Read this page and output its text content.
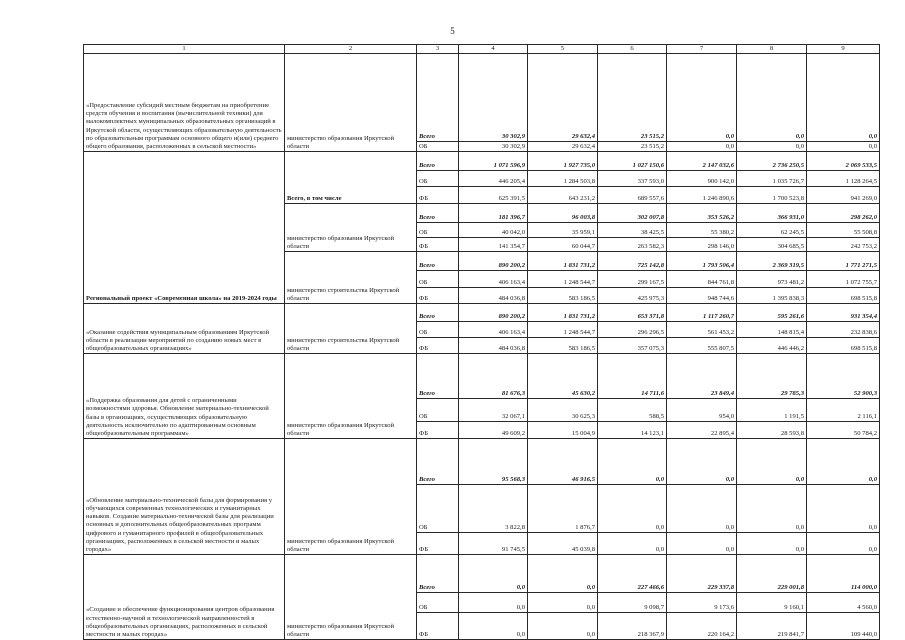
5
1	2	3	4	5	6	7	8	9
«Предоставление субсидий местным бюджетам на приобретение средств обучения и воспитания (вычислительной техники) для малокомплектных муниципальных образовательных организаций в Иркутской области, осуществляющих образовательную деятельность по образовательным программам основного общего и(или) среднего общего образования, расположенных в сельской местности»	министерство образования Иркутской области	Всего	30 302,9	29 632,4	23 515,2	0,0	0,0	0,0
		ОБ	30 302,9	29 632,4	23 515,2	0,0	0,0	0,0
Региональный проект «Современная школа» на 2019-2024 годы	Всего, в том числе	Всего	1 071 596,9	1 927 735,0	1 027 150,6	2 147 032,6	2 736 250,5	2 069 533,5
		ОБ	446 205,4	1 284 503,8	337 593,0	900 142,0	1 035 726,7	1 128 264,5
		ФБ	625 391,5	643 231,2	689 557,6	1 246 890,6	1 700 523,8	941 269,0
	министерство образования Иркутской области	Всего	181 396,7	96 003,8	302 007,8	353 526,2	366 931,0	298 262,0
		ОБ	40 042,0	35 959,1	38 425,5	55 380,2	62 245,5	55 508,8
		ФБ	141 354,7	60 044,7	263 582,3	298 146,0	304 685,5	242 753,2
	министерство строительства Иркутской области	Всего	890 200,2	1 831 731,2	725 142,8	1 793 506,4	2 369 319,5	1 771 271,5
		ОБ	406 163,4	1 248 544,7	299 167,5	844 761,8	973 481,2	1 072 755,7
		ФБ	484 036,8	583 186,5	425 975,3	948 744,6	1 395 838,3	698 515,8
«Оказание содействия муниципальным образованиям Иркутской области в реализации мероприятий по созданию новых мест в общеобразовательных организациях»	министерство строительства Иркутской области	Всего	890 200,2	1 831 731,2	653 371,8	1 117 260,7	595 261,6	931 354,4
		ОБ	406 163,4	1 248 544,7	296 296,5	561 453,2	148 815,4	232 838,6
		ФБ	484 036,8	583 186,5	357 075,3	555 807,5	446 446,2	698 515,8
«Поддержка образования для детей с ограниченными возможностями здоровья. Обновление материально-технической базы в организациях, осуществляющих образовательную деятельность исключительно по адаптированным основным общеобразовательным программам»	министерство образования Иркутской области	Всего	81 676,3	45 630,2	14 711,6	23 849,4	29 785,3	52 900,3
		ОБ	32 067,1	30 625,3	588,5	954,0	1 191,5	2 116,1
		ФБ	49 609,2	15 004,9	14 123,1	22 895,4	28 593,8	50 784,2
«Обновление материально-технической базы для формирования у обучающихся современных технологических и гуманитарных навыков. Создание материально-технической базы для реализации основных и дополнительных общеобразовательных программ цифрового и гуманитарного профилей в общеобразовательных организациях, расположенных в сельской местности и малых городах»	министерство образования Иркутской области	Всего	95 568,3	46 916,5	0,0	0,0	0,0	0,0
		ОБ	3 822,8	1 876,7	0,0	0,0	0,0	0,0
		ФБ	91 745,5	45 039,8	0,0	0,0	0,0	0,0
«Создание и обеспечение функционирования центров образования естественно-научной и технологической направленностей в общеобразовательных организациях, расположенных в сельской местности и малых городах»	министерство образования Иркутской области	Всего	0,0	0,0	227 466,6	229 337,8	229 001,8	114 000,0
		ОБ	0,0	0,0	9 098,7	9 173,6	9 160,1	4 560,0
		ФБ	0,0	0,0	218 367,9	220 164,2	219 841,7	109 440,0
